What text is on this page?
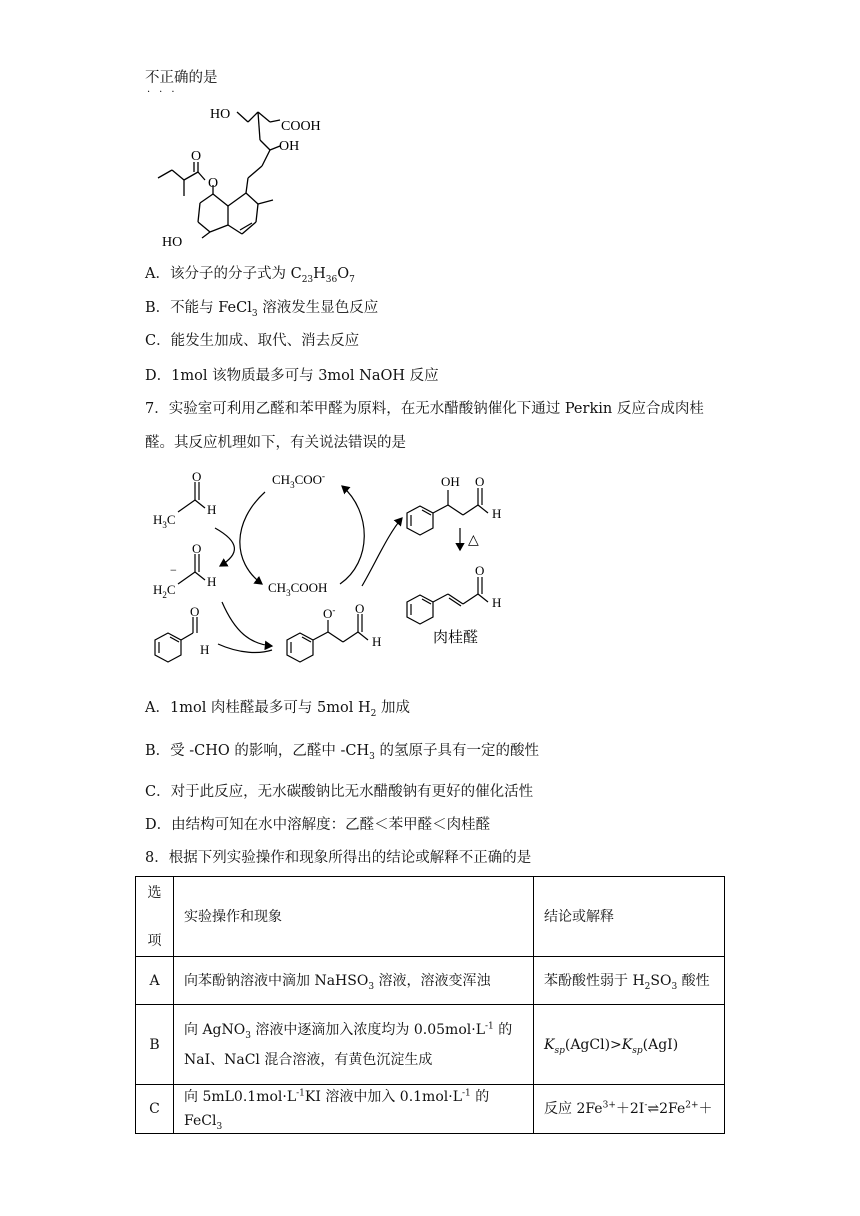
不正确的是
···
HO
COOH
OH
O
O
HO
A．该分子的分子式为 $C_{23}H_{36}O_7$
B．不能与 FeCl$_3$ 溶液发生显色反应
C．能发生加成、取代、消去反应
D．1mol 该物质最多可与 3mol NaOH 反应
7．实验室可利用乙醛和苯甲醛为原料，在无水醋酸钠催化下通过 Perkin 反应合成肉桂
醛。其反应机理如下，有关说法错误的是
$CH_3COO^-$
$CH_3COOH$
$H_3C$
H
O
$H_2C$
−
H
O
H
O	O- O
H
OH O
H
△
O
H
肉桂醛
A．1mol 肉桂醛最多可与 5mol $H_2$ 加成
B．受 -CHO 的影响，乙醛中 $-CH_3$ 的氢原子具有一定的酸性
C．对于此反应，无水碳酸钠比无水醋酸钠有更好的催化活性
D．由结构可知在水中溶解度：乙醛＜苯甲醛＜肉桂醛
8．根据下列实验操作和现象所得出的结论或解释不正确的是
选

项	实验操作和现象	结论或解释
A	向苯酚钠溶液中滴加 NaHSO$_3$ 溶液，溶液变浑浊	苯酚酸性弱于 $H_2SO_3$ 酸性
B	向 AgNO$_3$ 溶液中逐滴加入浓度均为 $0.05mol\cdot L^{-1}$ 的
NaI、NaCl 混合溶液，有黄色沉淀生成	$K_{sp}(AgCl)>K_{sp}(AgI)$
C	向 $5mL0.1mol\cdot L^{-1}KI$ 溶液中加入 $0.1mol\cdot L^{-1}$ 的 FeCl$_3$	反应 $2Fe^{3+}+2I^-\rightleftharpoons 2Fe^{2+}+$
